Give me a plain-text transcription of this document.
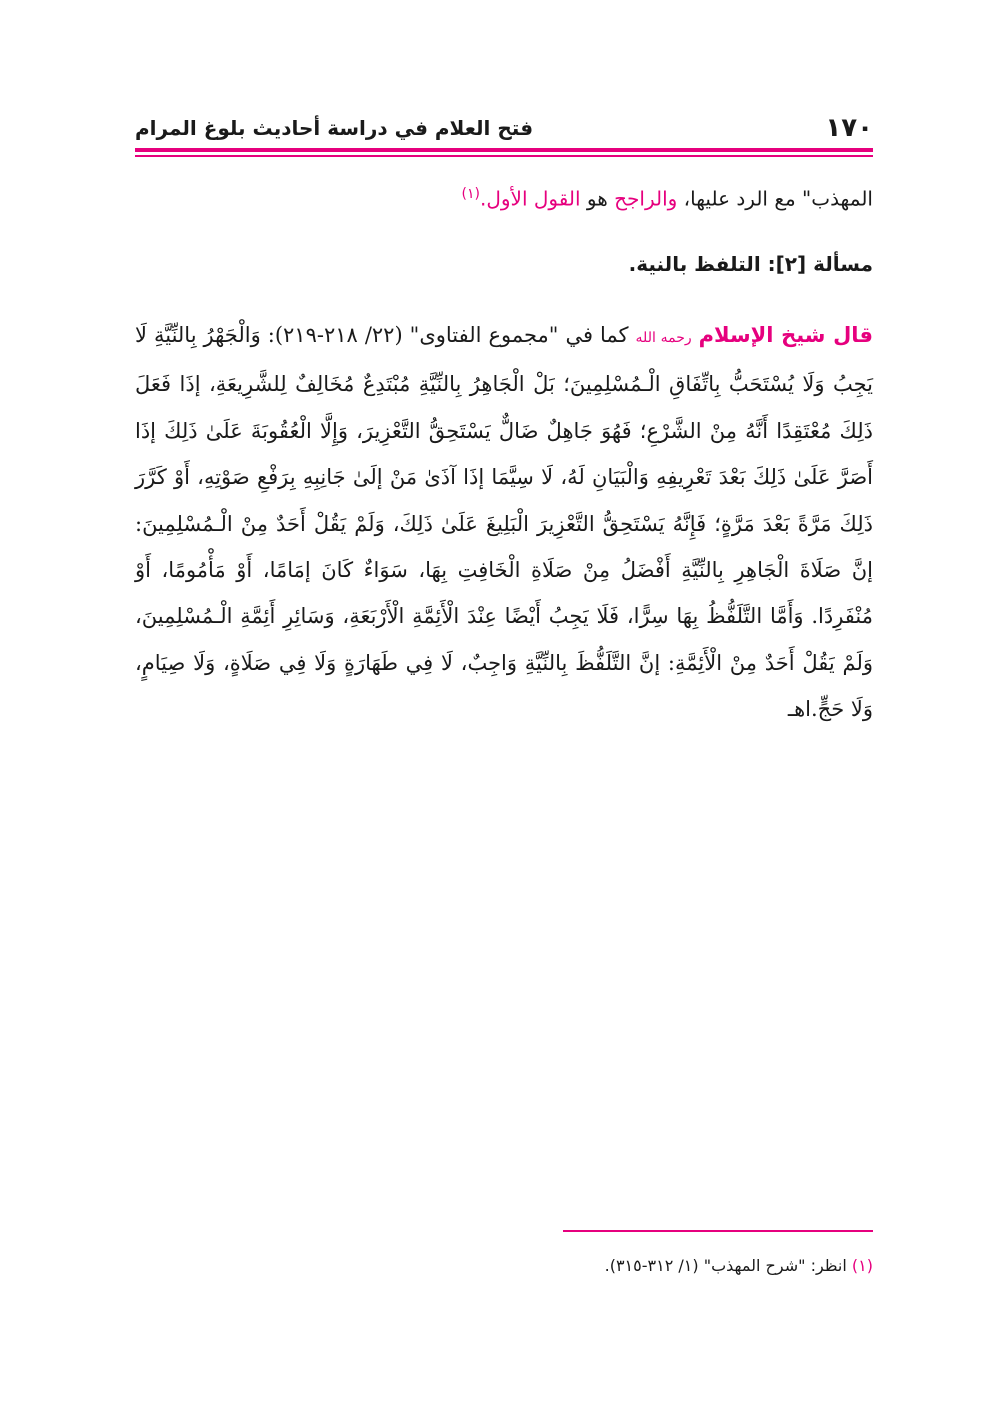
١٧٠
فتح العلام في دراسة أحاديث بلوغ المرام
المهذب" مع الرد عليها، والراجح هو القول الأول.$^{(١)}$
مسألة [٢]: التلفظ بالنية.
قال شيخ الإسلام رحمه الله كما في "مجموع الفتاوى" (٢٢/ ٢١٨-٢١٩): وَالْجَهْرُ بِالنِّيَّةِ لَا يَجِبُ وَلَا يُسْتَحَبُّ بِاتِّفَاقِ الْـمُسْلِمِينَ؛ بَلْ الْجَاهِرُ بِالنِّيَّةِ مُبْتَدِعٌ مُخَالِفٌ لِلشَّرِيعَةِ، إذَا فَعَلَ ذَلِكَ مُعْتَقِدًا أَنَّهُ مِنْ الشَّرْعِ؛ فَهُوَ جَاهِلٌ ضَالٌّ يَسْتَحِقُّ التَّعْزِيرَ، وَإِلَّا الْعُقُوبَةَ عَلَىٰ ذَلِكَ إذَا أَصَرَّ عَلَىٰ ذَلِكَ بَعْدَ تَعْرِيفِهِ وَالْبَيَانِ لَهُ، لَا سِيَّمَا إذَا آذَىٰ مَنْ إلَىٰ جَانِبِهِ بِرَفْعِ صَوْتِهِ، أَوْ كَرَّرَ ذَلِكَ مَرَّةً بَعْدَ مَرَّةٍ؛ فَإِنَّهُ يَسْتَحِقُّ التَّعْزِيرَ الْبَلِيغَ عَلَىٰ ذَلِكَ، وَلَمْ يَقُلْ أَحَدٌ مِنْ الْـمُسْلِمِينَ: إنَّ صَلَاةَ الْجَاهِرِ بِالنِّيَّةِ أَفْضَلُ مِنْ صَلَاةِ الْخَافِتِ بِهَا، سَوَاءٌ كَانَ إمَامًا، أَوْ مَأْمُومًا، أَوْ مُنْفَرِدًا. وَأَمَّا التَّلَفُّظُ بِهَا سِرًّا، فَلَا يَجِبُ أَيْضًا عِنْدَ الْأَئِمَّةِ الْأَرْبَعَةِ، وَسَائِرِ أَئِمَّةِ الْـمُسْلِمِينَ، وَلَمْ يَقُلْ أَحَدٌ مِنْ الْأَئِمَّةِ: إنَّ التَّلَفُّظَ بِالنِّيَّةِ وَاجِبٌ، لَا فِي طَهَارَةٍ وَلَا فِي صَلَاةٍ، وَلَا صِيَامٍ، وَلَا حَجٍّ.اهـ
(١) انظر: "شرح المهذب" (١/ ٣١٢-٣١٥).
